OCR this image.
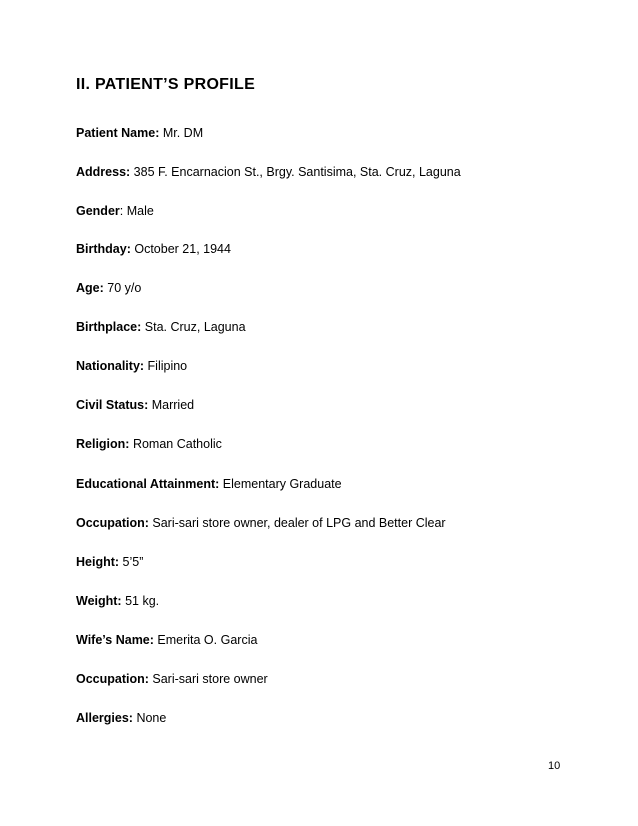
II. PATIENT’S PROFILE
Patient Name: Mr. DM
Address: 385 F. Encarnacion St., Brgy. Santisima, Sta. Cruz, Laguna
Gender: Male
Birthday: October 21, 1944
Age: 70 y/o
Birthplace: Sta. Cruz, Laguna
Nationality: Filipino
Civil Status: Married
Religion: Roman Catholic
Educational Attainment: Elementary Graduate
Occupation: Sari-sari store owner, dealer of LPG and Better Clear
Height: 5’5”
Weight: 51 kg.
Wife’s Name: Emerita O. Garcia
Occupation: Sari-sari store owner
Allergies: None
10
